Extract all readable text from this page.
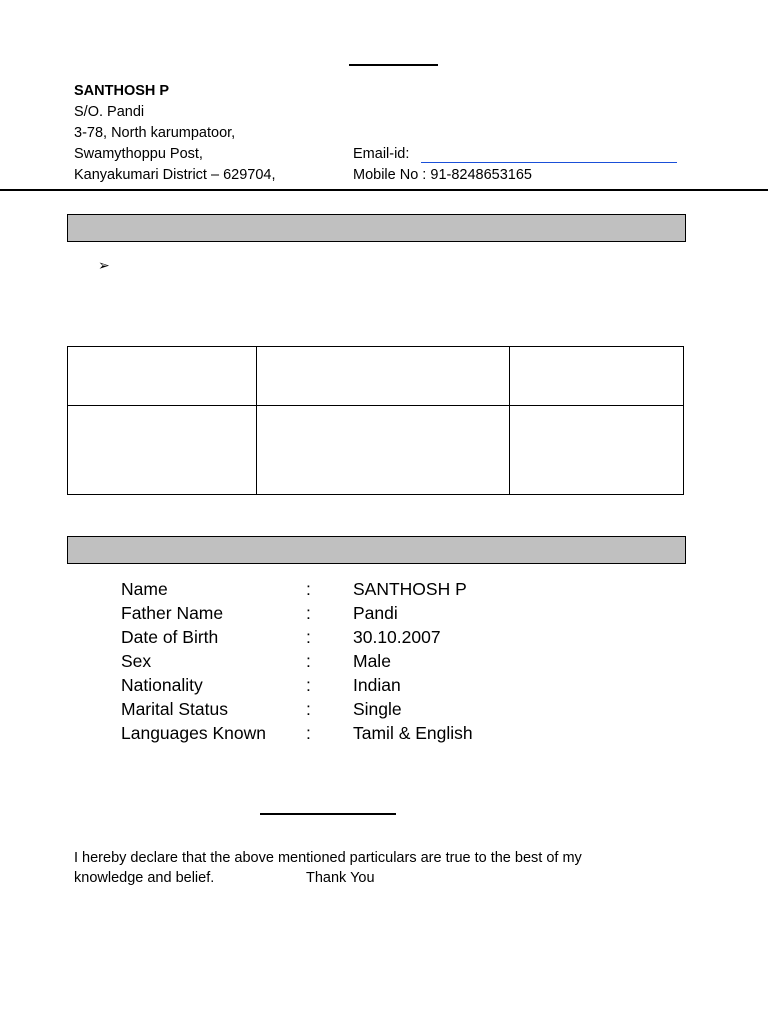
SANTHOSH P
S/O. Pandi
3-78, North karumpatoor,
Swamythoppu Post,
Kanyakumari District – 629704,
Email-id:
Mobile No : 91-8248653165
➢

Name	: SANTHOSH P
Father Name	: Pandi
Date of Birth	: 30.10.2007
Sex	: Male
Nationality	: Indian
Marital Status	: Single
Languages Known : Tamil & English
I hereby declare that the above mentioned particulars are true to the best of my
knowledge and belief.	Thank You
